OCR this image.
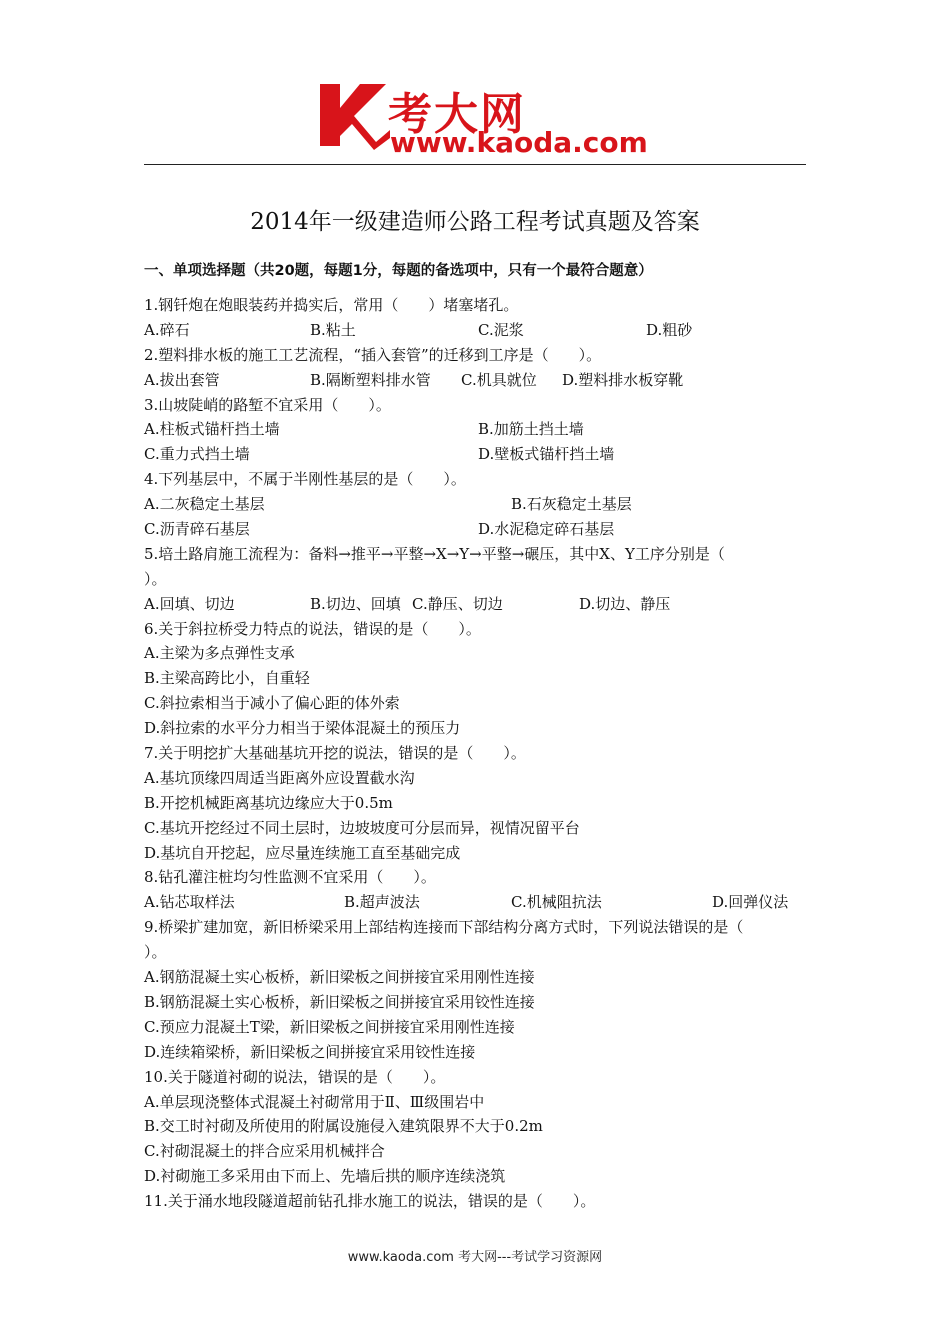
考大网
www.kaoda.com
2014年一级建造师公路工程考试真题及答案
一、单项选择题（共20题，每题1分，每题的备选项中，只有一个最符合题意）
1.钢钎炮在炮眼装药并捣实后，常用（　　）堵塞堵孔。
A.碎石	B.粘土	C.泥浆	D.粗砂
2.塑料排水板的施工工艺流程，“插入套管”的迁移到工序是（　　）。
A.拔出套管	B.隔断塑料排水管 C.机具就位 D.塑料排水板穿靴
3.山坡陡峭的路堑不宜采用（　　）。
A.柱板式锚杆挡土墙	B.加筋土挡土墙
C.重力式挡土墙	D.壁板式锚杆挡土墙
4.下列基层中，不属于半刚性基层的是（　　）。
A.二灰稳定土基层	B.石灰稳定土基层
C.沥青碎石基层	D.水泥稳定碎石基层
5.培土路肩施工流程为：备料→推平→平整→X→Y→平整→碾压，其中X、Y工序分别是（
）。
A.回填、切边	B.切边、回填 C.静压、切边	D.切边、静压
6.关于斜拉桥受力特点的说法，错误的是（　　）。
A.主梁为多点弹性支承
B.主梁高跨比小，自重轻
C.斜拉索相当于减小了偏心距的体外索
D.斜拉索的水平分力相当于梁体混凝土的预压力
7.关于明挖扩大基础基坑开挖的说法，错误的是（　　）。
A.基坑顶缘四周适当距离外应设置截水沟
B.开挖机械距离基坑边缘应大于0.5m
C.基坑开挖经过不同土层时，边坡坡度可分层而异，视情况留平台
D.基坑自开挖起，应尽量连续施工直至基础完成
8.钻孔灌注桩均匀性监测不宜采用（　　）。
A.钻芯取样法	B.超声波法	C.机械阻抗法	D.回弹仪法
9.桥梁扩建加宽，新旧桥梁采用上部结构连接而下部结构分离方式时，下列说法错误的是（
）。
A.钢筋混凝土实心板桥，新旧梁板之间拼接宜采用刚性连接
B.钢筋混凝土实心板桥，新旧梁板之间拼接宜采用铰性连接
C.预应力混凝土T梁，新旧梁板之间拼接宜采用刚性连接
D.连续箱梁桥，新旧梁板之间拼接宜采用铰性连接
10.关于隧道衬砌的说法，错误的是（　　）。
A.单层现浇整体式混凝土衬砌常用于Ⅱ、Ⅲ级围岩中
B.交工时衬砌及所使用的附属设施侵入建筑限界不大于0.2m
C.衬砌混凝土的拌合应采用机械拌合
D.衬砌施工多采用由下而上、先墙后拱的顺序连续浇筑
11.关于涌水地段隧道超前钻孔排水施工的说法，错误的是（　　）。
www.kaoda.com 考大网---考试学习资源网
